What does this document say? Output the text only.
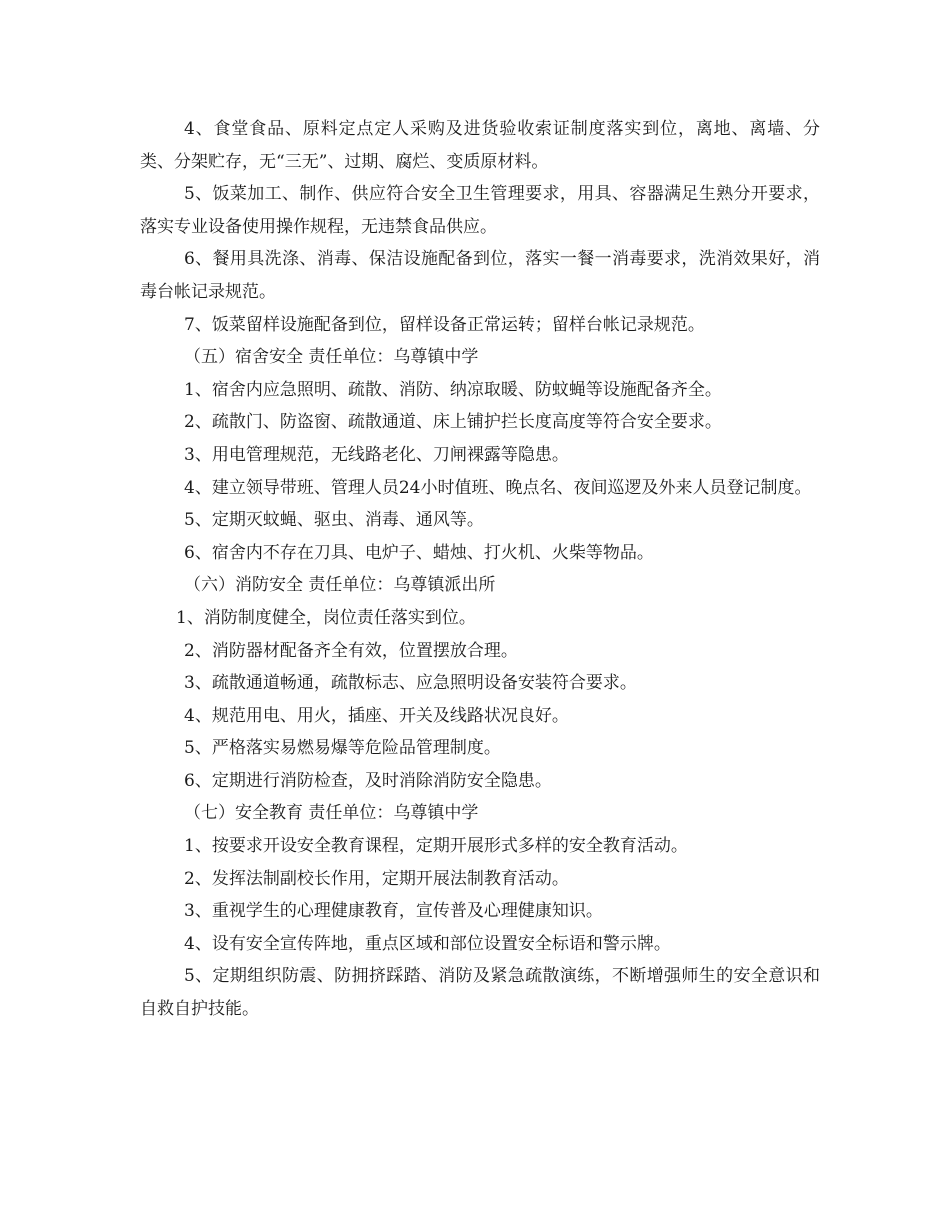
4、食堂食品、原料定点定人采购及进货验收索证制度落实到位，离地、离墙、分类、分架贮存，无“三无”、过期、腐烂、变质原材料。

5、饭菜加工、制作、供应符合安全卫生管理要求，用具、容器满足生熟分开要求，落实专业设备使用操作规程，无违禁食品供应。

6、餐用具洗涤、消毒、保洁设施配备到位，落实一餐一消毒要求，洗消效果好，消毒台帐记录规范。

7、饭菜留样设施配备到位，留样设备正常运转；留样台帐记录规范。

（五）宿舍安全 责任单位：乌尊镇中学

1、宿舍内应急照明、疏散、消防、纳凉取暖、防蚊蝇等设施配备齐全。

2、疏散门、防盗窗、疏散通道、床上铺护拦长度高度等符合安全要求。

3、用电管理规范，无线路老化、刀闸裸露等隐患。

4、建立领导带班、管理人员24小时值班、晚点名、夜间巡逻及外来人员登记制度。

5、定期灭蚊蝇、驱虫、消毒、通风等。

6、宿舍内不存在刀具、电炉子、蜡烛、打火机、火柴等物品。

（六）消防安全 责任单位：乌尊镇派出所

1、消防制度健全，岗位责任落实到位。

2、消防器材配备齐全有效，位置摆放合理。

3、疏散通道畅通，疏散标志、应急照明设备安装符合要求。

4、规范用电、用火，插座、开关及线路状况良好。

5、严格落实易燃易爆等危险品管理制度。

6、定期进行消防检查，及时消除消防安全隐患。

（七）安全教育 责任单位：乌尊镇中学

1、按要求开设安全教育课程，定期开展形式多样的安全教育活动。

2、发挥法制副校长作用，定期开展法制教育活动。

3、重视学生的心理健康教育，宣传普及心理健康知识。

4、设有安全宣传阵地，重点区域和部位设置安全标语和警示牌。

5、定期组织防震、防拥挤踩踏、消防及紧急疏散演练，不断增强师生的安全意识和自救自护技能。
